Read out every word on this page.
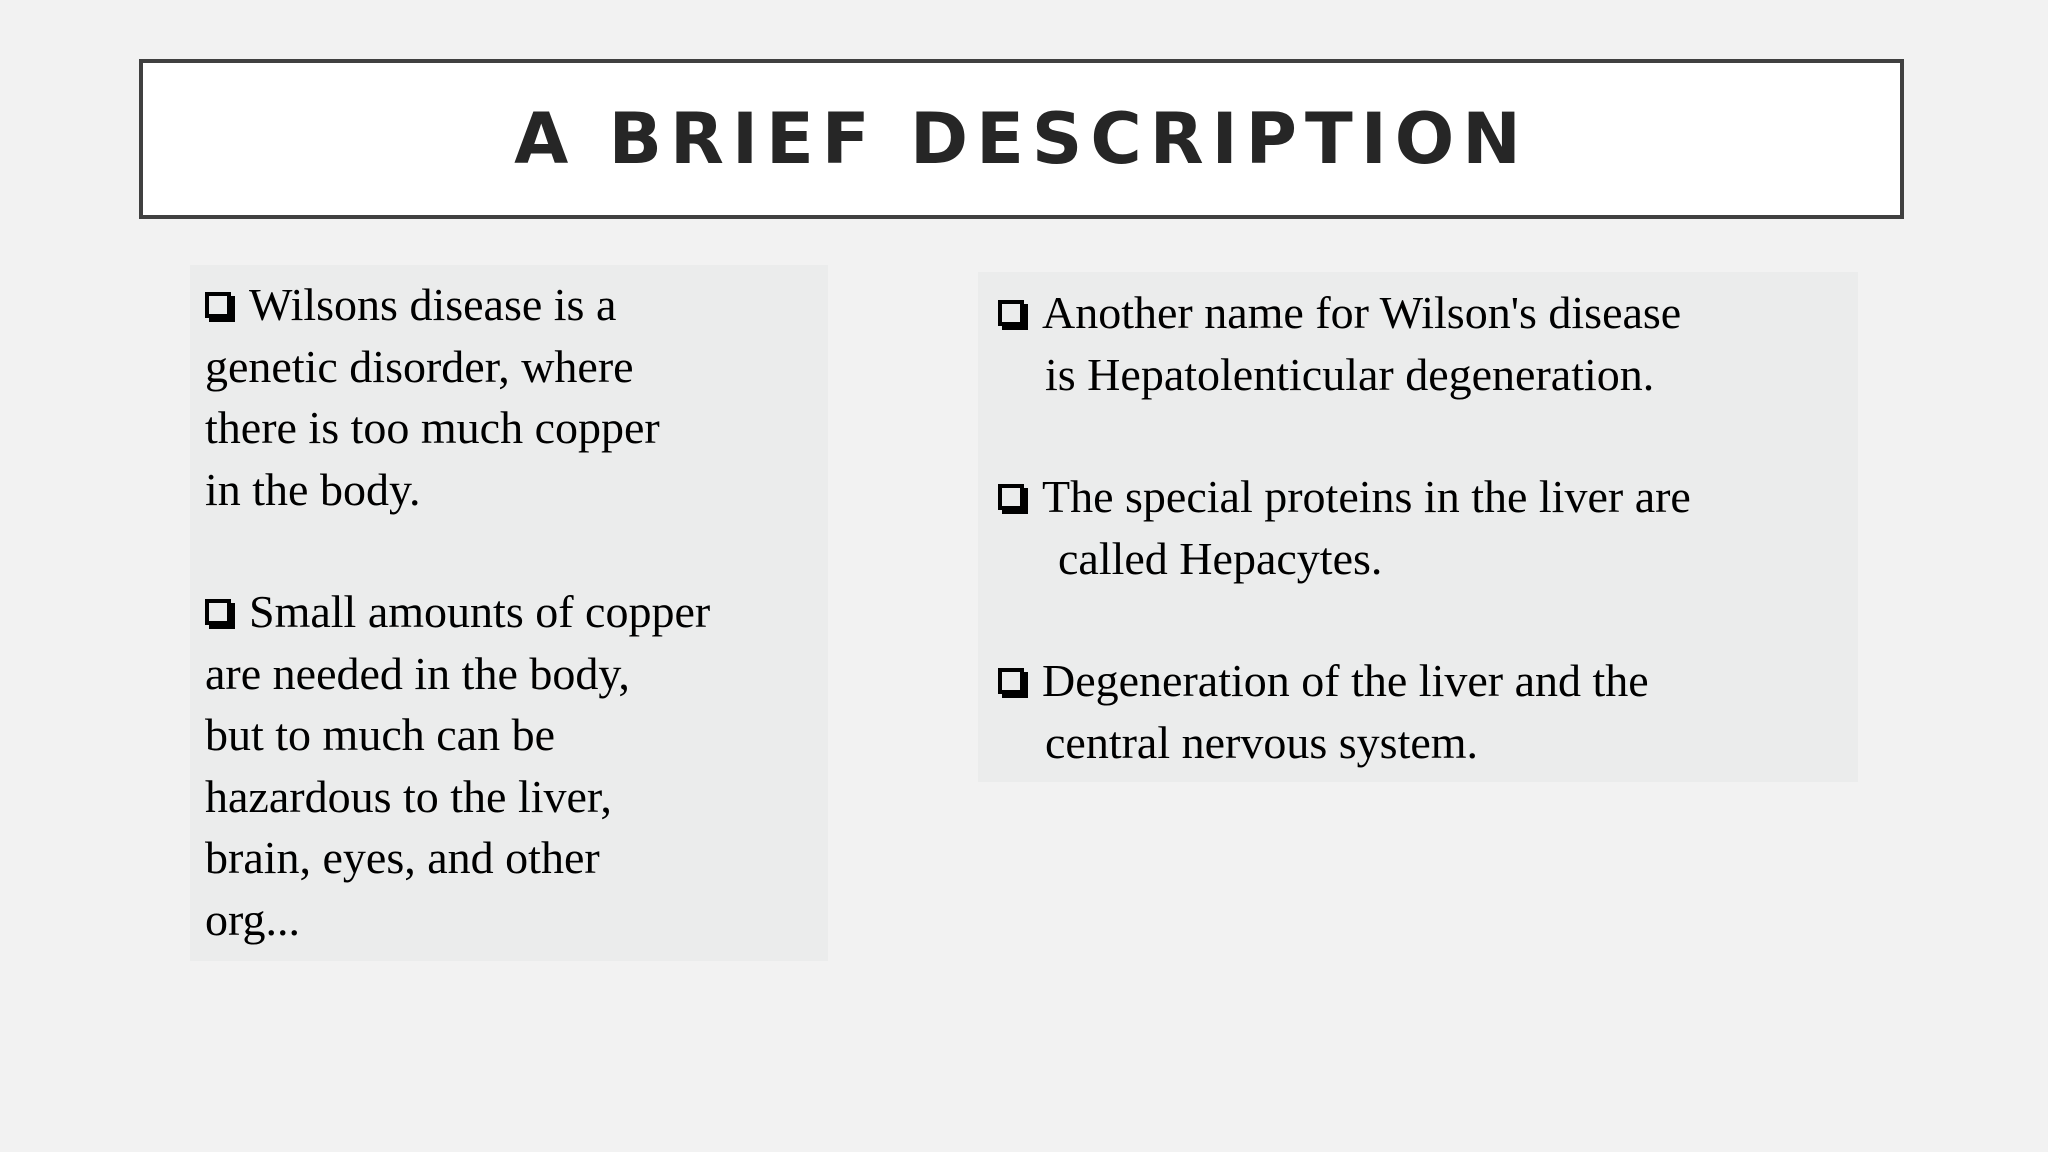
A BRIEF DESCRIPTION
Wilsons disease is a
genetic disorder, where
there is too much copper
in the body.
Small amounts of copper
are needed in the body,
but to much can be
hazardous to the liver,
brain, eyes, and other
org...
Another name for Wilson's disease
is Hepatolenticular degeneration.
The special proteins in the liver are
called Hepacytes.
Degeneration of the liver and the
central nervous system.
